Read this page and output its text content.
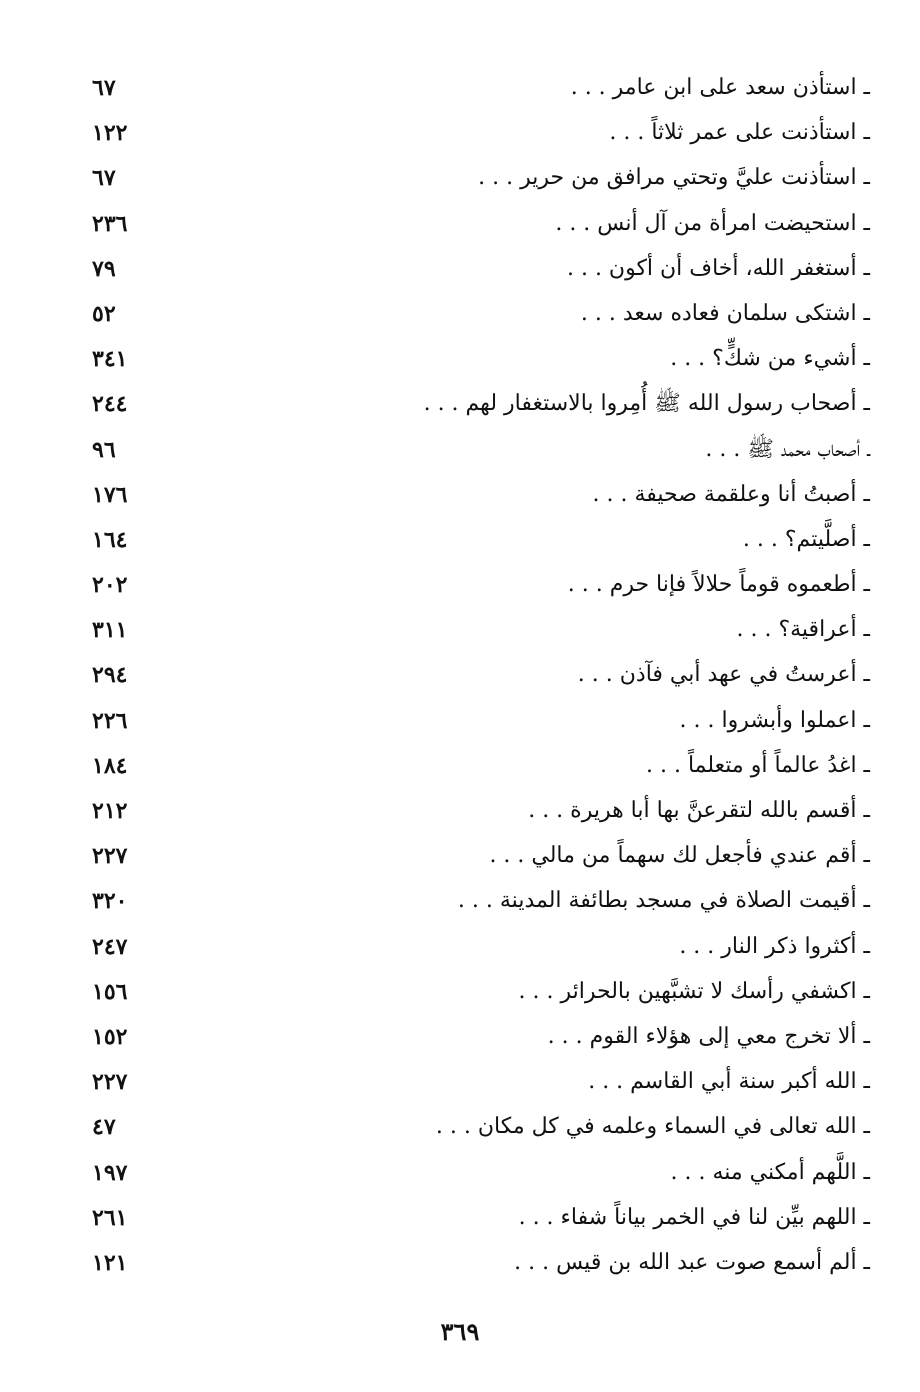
ـ استأذن سعد على ابن عامر . . .
٦٧
ـ استأذنت على عمر ثلاثاً . . .
١٢٢
ـ استأذنت عليَّ وتحتي مرافق من حرير . . .
٦٧
ـ استحيضت امرأة من آل أنس . . .
٢٣٦
ـ أستغفر الله، أخاف أن أكون . . .
٧٩
ـ اشتكى سلمان فعاده سعد . . .
٥٢
ـ أشيء من شكٍّ؟ . . .
٣٤١
ـ أصحاب رسول الله ﷺ أُمِروا بالاستغفار لهم . . .
٢٤٤
ـ أصحاب محمد ﷺ . . .
٩٦
ـ أصبتُ أنا وعلقمة صحيفة . . .
١٧٦
ـ أصلَّيتم؟ . . .
١٦٤
ـ أطعموه قوماً حلالاً فإنا حرم . . .
٢٠٢
ـ أعراقية؟ . . .
٣١١
ـ أعرستُ في عهد أبي فآذن . . .
٢٩٤
ـ اعملوا وأبشروا . . .
٢٢٦
ـ اغدُ عالماً أو متعلماً . . .
١٨٤
ـ أقسم بالله لتقرعنَّ بها أبا هريرة . . .
٢١٢
ـ أقم عندي فأجعل لك سهماً من مالي . . .
٢٢٧
ـ أقيمت الصلاة في مسجد بطائفة المدينة . . .
٣٢٠
ـ أكثروا ذكر النار . . .
٢٤٧
ـ اكشفي رأسك لا تشبَّهين بالحرائر . . .
١٥٦
ـ ألا تخرج معي إلى هؤلاء القوم . . .
١٥٢
ـ الله أكبر سنة أبي القاسم . . .
٢٢٧
ـ الله تعالى في السماء وعلمه في كل مكان . . .
٤٧
ـ اللَّهم أمكني منه . . .
١٩٧
ـ اللهم بيِّن لنا في الخمر بياناً شفاء . . .
٢٦١
ـ ألم أسمع صوت عبد الله بن قيس . . .
١٢١
٣٦٩
